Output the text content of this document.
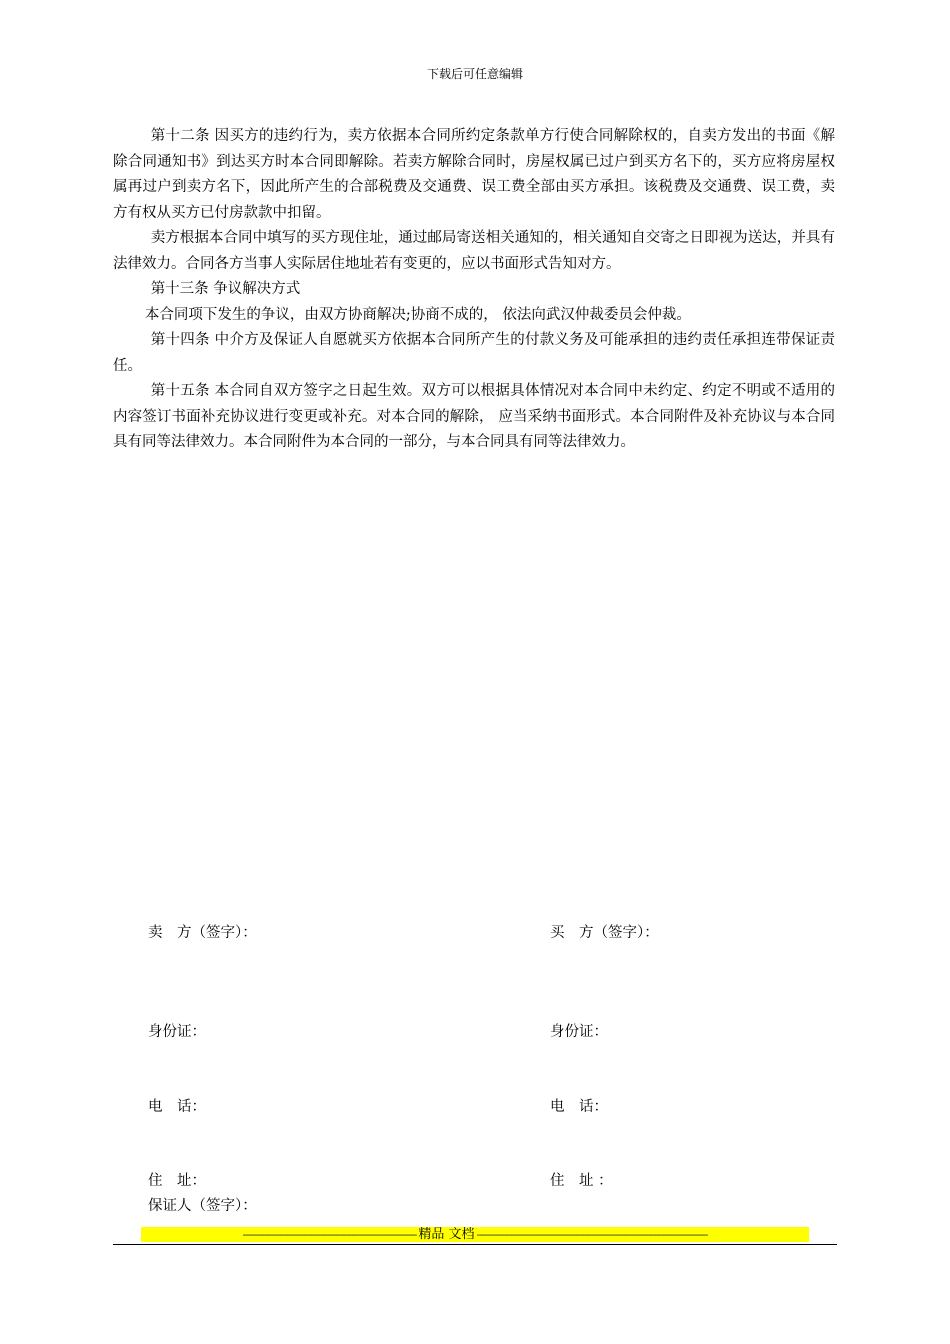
下载后可任意编辑

第十二条 因买方的违约行为，卖方依据本合同所约定条款单方行使合同解除权的，自卖方发出的书面《解除合同通知书》到达买方时本合同即解除。若卖方解除合同时，房屋权属已过户到买方名下的，买方应将房屋权属再过户到卖方名下，因此所产生的合部税费及交通费、误工费全部由买方承担。该税费及交通费、误工费，卖方有权从买方已付房款款中扣留。

卖方根据本合同中填写的买方现住址，通过邮局寄送相关通知的，相关通知自交寄之日即视为送达，并具有法律效力。合同各方当事人实际居住地址若有变更的，应以书面形式告知对方。

第十三条 争议解决方式

本合同项下发生的争议，由双方协商解决;协商不成的， 依法向武汉仲裁委员会仲裁。

第十四条 中介方及保证人自愿就买方依据本合同所产生的付款义务及可能承担的违约责任承担连带保证责任。

第十五条 本合同自双方签字之日起生效。双方可以根据具体情况对本合同中未约定、约定不明或不适用的内容签订书面补充协议进行变更或补充。对本合同的解除， 应当采纳书面形式。本合同附件及补充协议与本合同具有同等法律效力。本合同附件为本合同的一部分，与本合同具有同等法律效力。

卖　方（签字）：	买　方（签字）：
身份证：	身份证：
电　话：	电　话：
住　址：	住　址 ：
保证人（签字）：
---------------------------------------------------------------- 精品 文档 -------------------------------------------------------------------------------------
